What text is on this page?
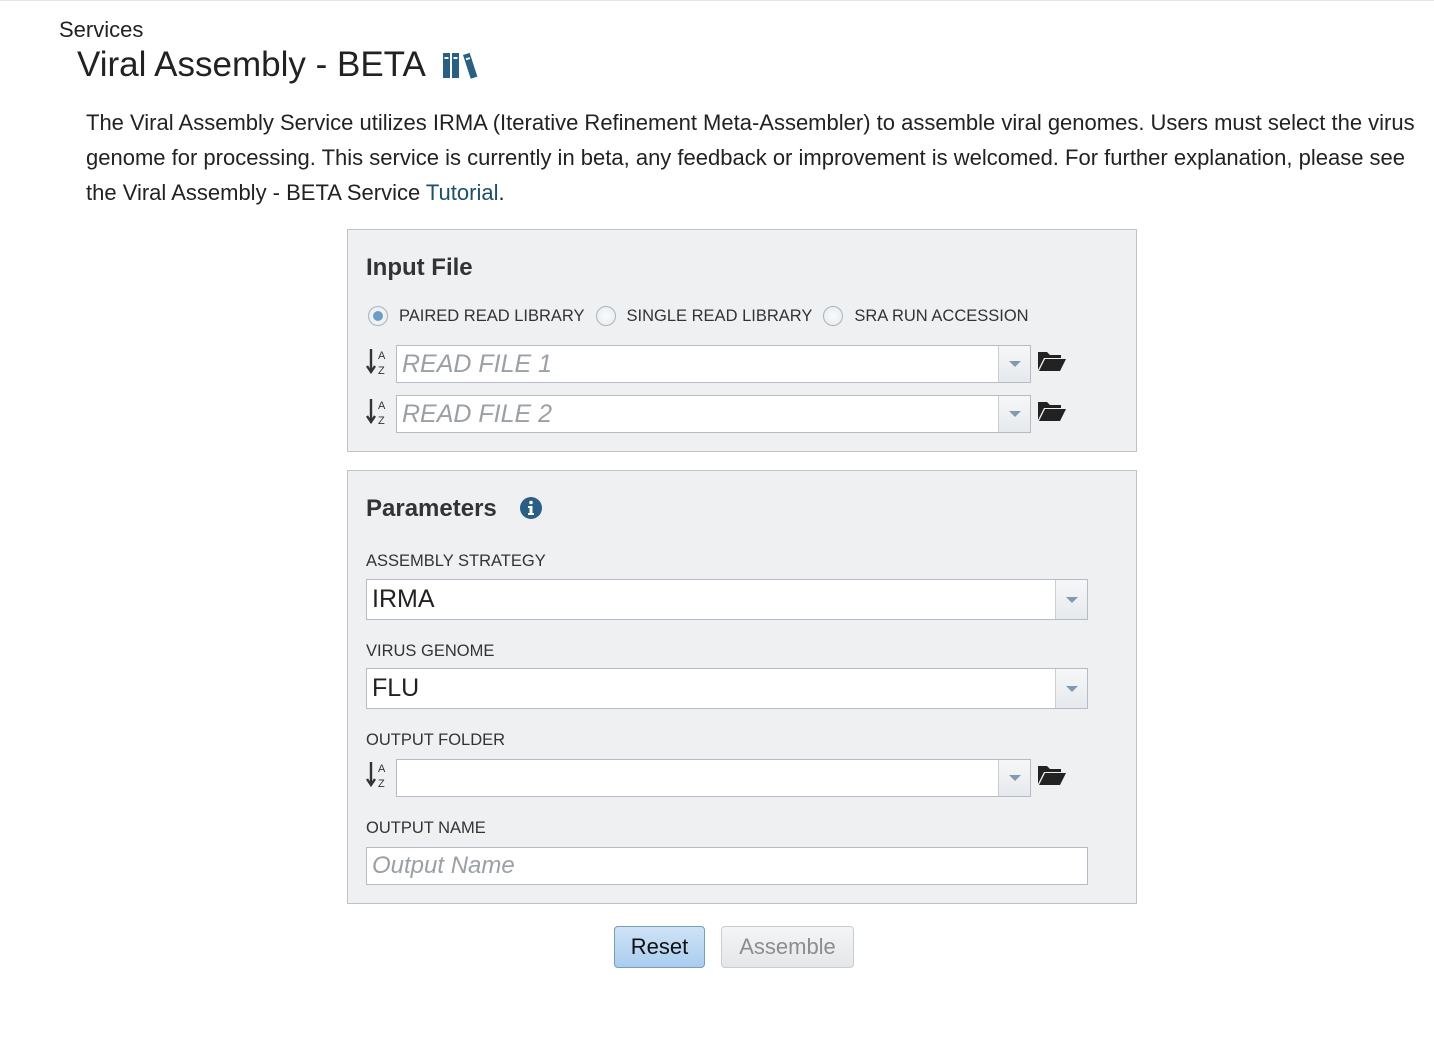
Services
Viral Assembly - BETA
The Viral Assembly Service utilizes IRMA (Iterative Refinement Meta-Assembler) to assemble viral genomes. Users must select the virus genome for processing. This service is currently in beta, any feedback or improvement is welcomed. For further explanation, please see the Viral Assembly - BETA Service Tutorial.
Input File
PAIRED READ LIBRARY	SINGLE READ LIBRARY	SRA RUN ACCESSION
A
Z READ FILE 1
A
Z READ FILE 2
Parameters
ASSEMBLY STRATEGY
IRMA
VIRUS GENOME
FLU
OUTPUT FOLDER
A
Z
OUTPUT NAME
Output Name
Reset	Assemble
